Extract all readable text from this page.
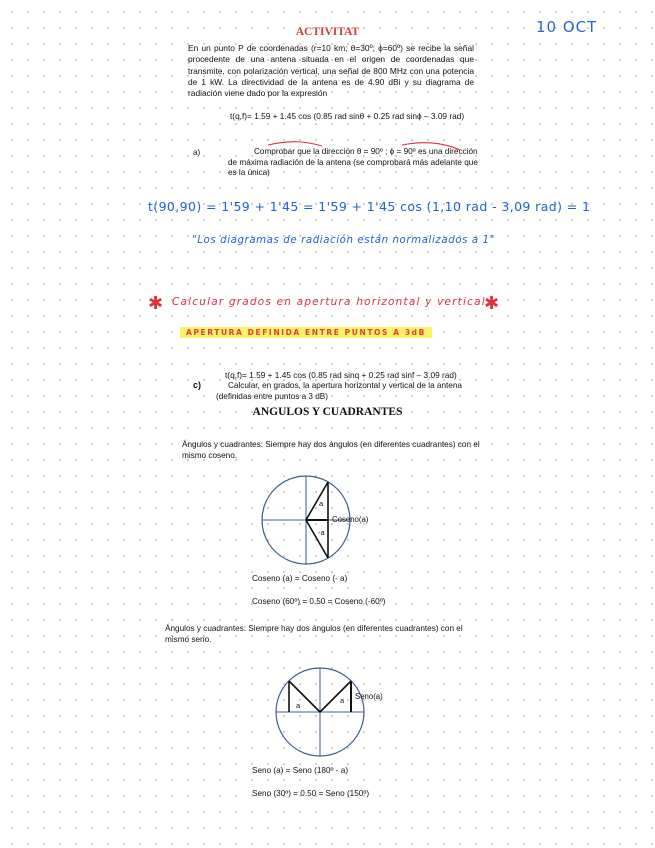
ACTIVITAT	10 OCT
En un punto P de coordenadas (r=10 km; θ=30º; ϕ=60º) se recibe la señal procedente de una antena situada en el origen de coordenadas que transmite, con polarización vertical, una señal de 800 MHz con una potencia de 1 kW. La directividad de la antena es de 4.90 dBi y su diagrama de radiación viene dado por la expresión
t(q,f)= 1.59 + 1.45 cos (0.85 rad sinθ + 0.25 rad sinϕ – 3.09 rad)
a)	Comprobar que la dirección θ = 90º ; ϕ = 90º es una dirección de máxima radiación de la antena (se comprobará más adelante que es la única)
t(90,90) = 1'59 + 1'45 = 1'59 + 1'45 cos (1,10 rad - 3,09 rad) = 1
"Los diagramas de radiación están normalizados a 1"
✱ Calcular grados en apertura horizontal y vertical
✱
APERTURA DEFINIDA ENTRE PUNTOS A 3dB
t(q,f)= 1.59 + 1.45 cos (0.85 rad sinq + 0.25 rad sinf – 3.09 rad)
c)	Calcular, en grados, la apertura horizontal y vertical de la antena (definidas entre puntos a 3 dB)
ANGULOS Y CUADRANTES
Ángulos y cuadrantes: Siempre hay dos ángulos (en diferentes cuadrantes) con el mismo coseno.
a
-a
Coseno(a)
Coseno (a) = Coseno (- a)
Coseno (60º) = 0.50 = Coseno (-60º)
Ángulos y cuadrantes: Siempre hay dos ángulos (en diferentes cuadrantes) con el mismo seno.
a
a Seno(a)
Seno (a) = Seno (180º - a)
Seno (30º) = 0.50 = Seno (150º)
